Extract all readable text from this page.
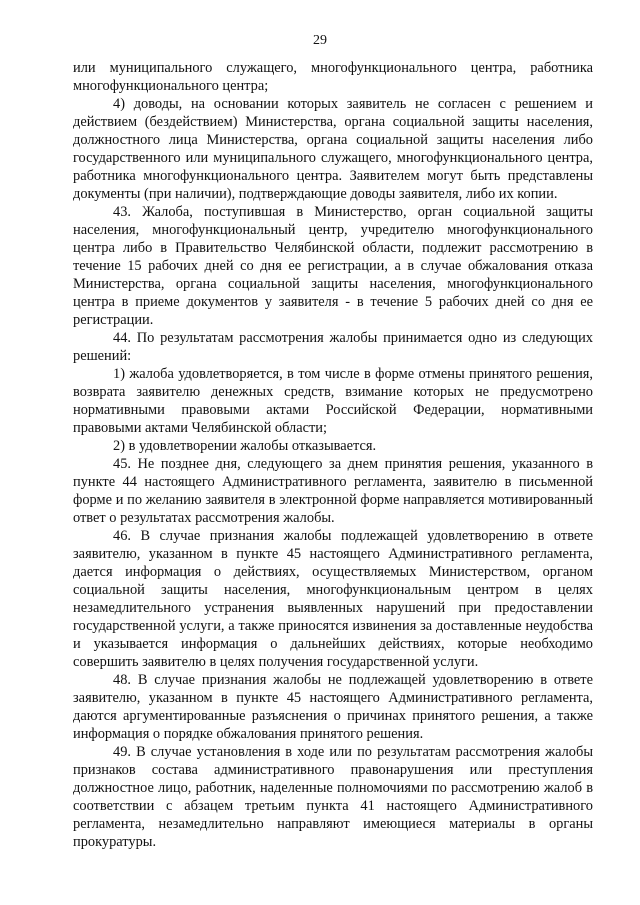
29

или муниципального служащего, многофункционального центра, работника многофункционального центра;

4) доводы, на основании которых заявитель не согласен с решением и действием (бездействием) Министерства, органа социальной защиты населения, должностного лица Министерства, органа социальной защиты населения либо государственного или муниципального служащего, многофункционального центра, работника многофункционального центра. Заявителем могут быть представлены документы (при наличии), подтверждающие доводы заявителя, либо их копии.

43. Жалоба, поступившая в Министерство, орган социальной защиты населения, многофункциональный центр, учредителю многофункционального центра либо в Правительство Челябинской области, подлежит рассмотрению в течение 15 рабочих дней со дня ее регистрации, а в случае обжалования отказа Министерства, органа социальной защиты населения, многофункционального центра в приеме документов у заявителя - в течение 5 рабочих дней со дня ее регистрации.

44. По результатам рассмотрения жалобы принимается одно из следующих решений:

1) жалоба удовлетворяется, в том числе в форме отмены принятого решения, возврата заявителю денежных средств, взимание которых не предусмотрено нормативными правовыми актами Российской Федерации, нормативными правовыми актами Челябинской области;

2) в удовлетворении жалобы отказывается.

45. Не позднее дня, следующего за днем принятия решения, указанного в пункте 44 настоящего Административного регламента, заявителю в письменной форме и по желанию заявителя в электронной форме направляется мотивированный ответ о результатах рассмотрения жалобы.

46. В случае признания жалобы подлежащей удовлетворению в ответе заявителю, указанном в пункте 45 настоящего Административного регламента, дается информация о действиях, осуществляемых Министерством, органом социальной защиты населения, многофункциональным центром в целях незамедлительного устранения выявленных нарушений при предоставлении государственной услуги, а также приносятся извинения за доставленные неудобства и указывается информация о дальнейших действиях, которые необходимо совершить заявителю в целях получения государственной услуги.

48. В случае признания жалобы не подлежащей удовлетворению в ответе заявителю, указанном в пункте 45 настоящего Административного регламента, даются аргументированные разъяснения о причинах принятого решения, а также информация о порядке обжалования принятого решения.

49. В случае установления в ходе или по результатам рассмотрения жалобы признаков состава административного правонарушения или преступления должностное лицо, работник, наделенные полномочиями по рассмотрению жалоб в соответствии с абзацем третьим пункта 41 настоящего Административного регламента, незамедлительно направляют имеющиеся материалы в органы прокуратуры.
